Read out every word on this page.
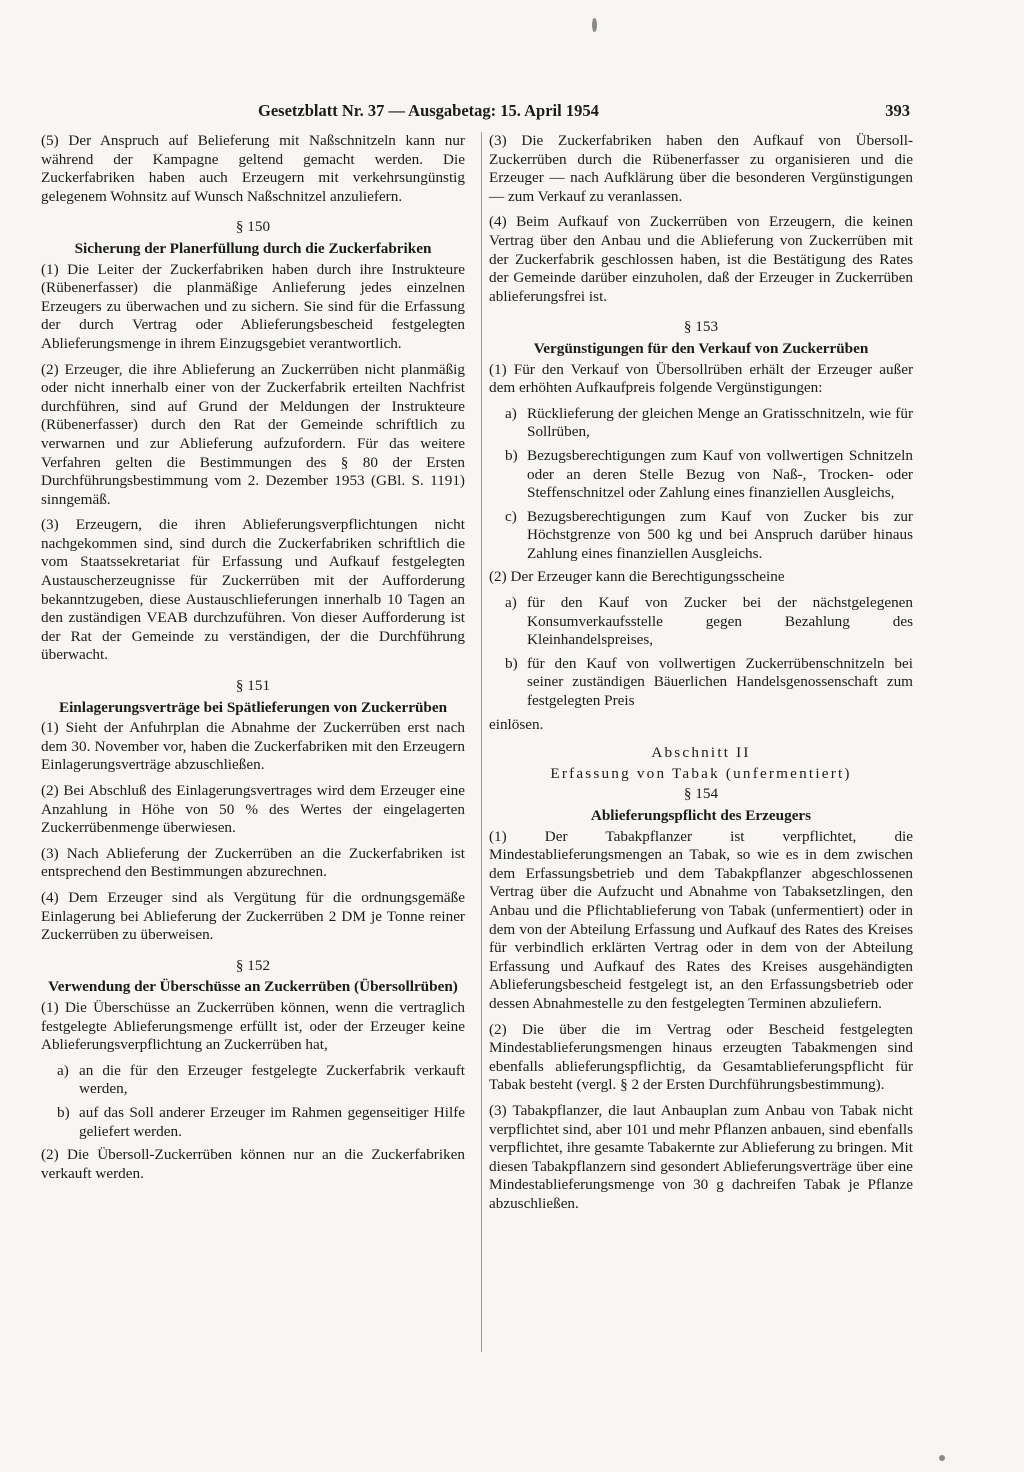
Gesetzblatt Nr. 37 — Ausgabetag: 15. April 1954	393

(5) Der Anspruch auf Belieferung mit Naßschnitzeln kann nur während der Kampagne geltend gemacht werden. Die Zuckerfabriken haben auch Erzeugern mit verkehrsungünstig gelegenem Wohnsitz auf Wunsch Naßschnitzel anzuliefern.

§ 150
Sicherung der Planerfüllung durch die Zuckerfabriken

(1) Die Leiter der Zuckerfabriken haben durch ihre Instrukteure (Rübenerfasser) die planmäßige Anlieferung jedes einzelnen Erzeugers zu überwachen und zu sichern. Sie sind für die Erfassung der durch Vertrag oder Ablieferungsbescheid festgelegten Ablieferungsmenge in ihrem Einzugsgebiet verantwortlich.

(2) Erzeuger, die ihre Ablieferung an Zuckerrüben nicht planmäßig oder nicht innerhalb einer von der Zuckerfabrik erteilten Nachfrist durchführen, sind auf Grund der Meldungen der Instrukteure (Rübenerfasser) durch den Rat der Gemeinde schriftlich zu verwarnen und zur Ablieferung aufzufordern. Für das weitere Verfahren gelten die Bestimmungen des § 80 der Ersten Durchführungsbestimmung vom 2. Dezember 1953 (GBl. S. 1191) sinngemäß.

(3) Erzeugern, die ihren Ablieferungsverpflichtungen nicht nachgekommen sind, sind durch die Zuckerfabriken schriftlich die vom Staatssekretariat für Erfassung und Aufkauf festgelegten Austauscherzeugnisse für Zuckerrüben mit der Aufforderung bekanntzugeben, diese Austauschlieferungen innerhalb 10 Tagen an den zuständigen VEAB durchzuführen. Von dieser Aufforderung ist der Rat der Gemeinde zu verständigen, der die Durchführung überwacht.

§ 151
Einlagerungsverträge bei Spätlieferungen von Zuckerrüben

(1) Sieht der Anfuhrplan die Abnahme der Zuckerrüben erst nach dem 30. November vor, haben die Zuckerfabriken mit den Erzeugern Einlagerungsverträge abzuschließen.

(2) Bei Abschluß des Einlagerungsvertrages wird dem Erzeuger eine Anzahlung in Höhe von 50 % des Wertes der eingelagerten Zuckerrübenmenge überwiesen.

(3) Nach Ablieferung der Zuckerrüben an die Zuckerfabriken ist entsprechend den Bestimmungen abzurechnen.

(4) Dem Erzeuger sind als Vergütung für die ordnungsgemäße Einlagerung bei Ablieferung der Zuckerrüben 2 DM je Tonne reiner Zuckerrüben zu überweisen.

§ 152
Verwendung der Überschüsse an Zuckerrüben (Übersollrüben)

(1) Die Überschüsse an Zuckerrüben können, wenn die vertraglich festgelegte Ablieferungsmenge erfüllt ist, oder der Erzeuger keine Ablieferungsverpflichtung an Zuckerrüben hat,

a) an die für den Erzeuger festgelegte Zuckerfabrik verkauft werden,
b) auf das Soll anderer Erzeuger im Rahmen gegenseitiger Hilfe geliefert werden.

(2) Die Übersoll-Zuckerrüben können nur an die Zuckerfabriken verkauft werden.

(3) Die Zuckerfabriken haben den Aufkauf von Übersoll-Zuckerrüben durch die Rübenerfasser zu organisieren und die Erzeuger — nach Aufklärung über die besonderen Vergünstigungen — zum Verkauf zu veranlassen.

(4) Beim Aufkauf von Zuckerrüben von Erzeugern, die keinen Vertrag über den Anbau und die Ablieferung von Zuckerrüben mit der Zuckerfabrik geschlossen haben, ist die Bestätigung des Rates der Gemeinde darüber einzuholen, daß der Erzeuger in Zuckerrüben ablieferungsfrei ist.

§ 153
Vergünstigungen für den Verkauf von Zuckerrüben

(1) Für den Verkauf von Übersollrüben erhält der Erzeuger außer dem erhöhten Aufkaufpreis folgende Vergünstigungen:

a) Rücklieferung der gleichen Menge an Gratisschnitzeln, wie für Sollrüben,
b) Bezugsberechtigungen zum Kauf von vollwertigen Schnitzeln oder an deren Stelle Bezug von Naß-, Trocken- oder Steffenschnitzel oder Zahlung eines finanziellen Ausgleichs,
c) Bezugsberechtigungen zum Kauf von Zucker bis zur Höchstgrenze von 500 kg und bei Anspruch darüber hinaus Zahlung eines finanziellen Ausgleichs.

(2) Der Erzeuger kann die Berechtigungsscheine

a) für den Kauf von Zucker bei der nächstgelegenen Konsumverkaufsstelle gegen Bezahlung des Kleinhandelspreises,
b) für den Kauf von vollwertigen Zuckerrübenschnitzeln bei seiner zuständigen Bäuerlichen Handelsgenossenschaft zum festgelegten Preis

einlösen.

Abschnitt II
Erfassung von Tabak (unfermentiert)
§ 154
Ablieferungspflicht des Erzeugers

(1) Der Tabakpflanzer ist verpflichtet, die Mindestablieferungsmengen an Tabak, so wie es in dem zwischen dem Erfassungsbetrieb und dem Tabakpflanzer abgeschlossenen Vertrag über die Aufzucht und Abnahme von Tabaksetzlingen, den Anbau und die Pflichtablieferung von Tabak (unfermentiert) oder in dem von der Abteilung Erfassung und Aufkauf des Rates des Kreises für verbindlich erklärten Vertrag oder in dem von der Abteilung Erfassung und Aufkauf des Rates des Kreises ausgehändigten Ablieferungsbescheid festgelegt ist, an den Erfassungsbetrieb oder dessen Abnahmestelle zu den festgelegten Terminen abzuliefern.

(2) Die über die im Vertrag oder Bescheid festgelegten Mindestablieferungsmengen hinaus erzeugten Tabakmengen sind ebenfalls ablieferungspflichtig, da Gesamtablieferungspflicht für Tabak besteht (vergl. § 2 der Ersten Durchführungsbestimmung).

(3) Tabakpflanzer, die laut Anbauplan zum Anbau von Tabak nicht verpflichtet sind, aber 101 und mehr Pflanzen anbauen, sind ebenfalls verpflichtet, ihre gesamte Tabakernte zur Ablieferung zu bringen. Mit diesen Tabakpflanzern sind gesondert Ablieferungsverträge über eine Mindestablieferungsmenge von 30 g dachreifen Tabak je Pflanze abzuschließen.
